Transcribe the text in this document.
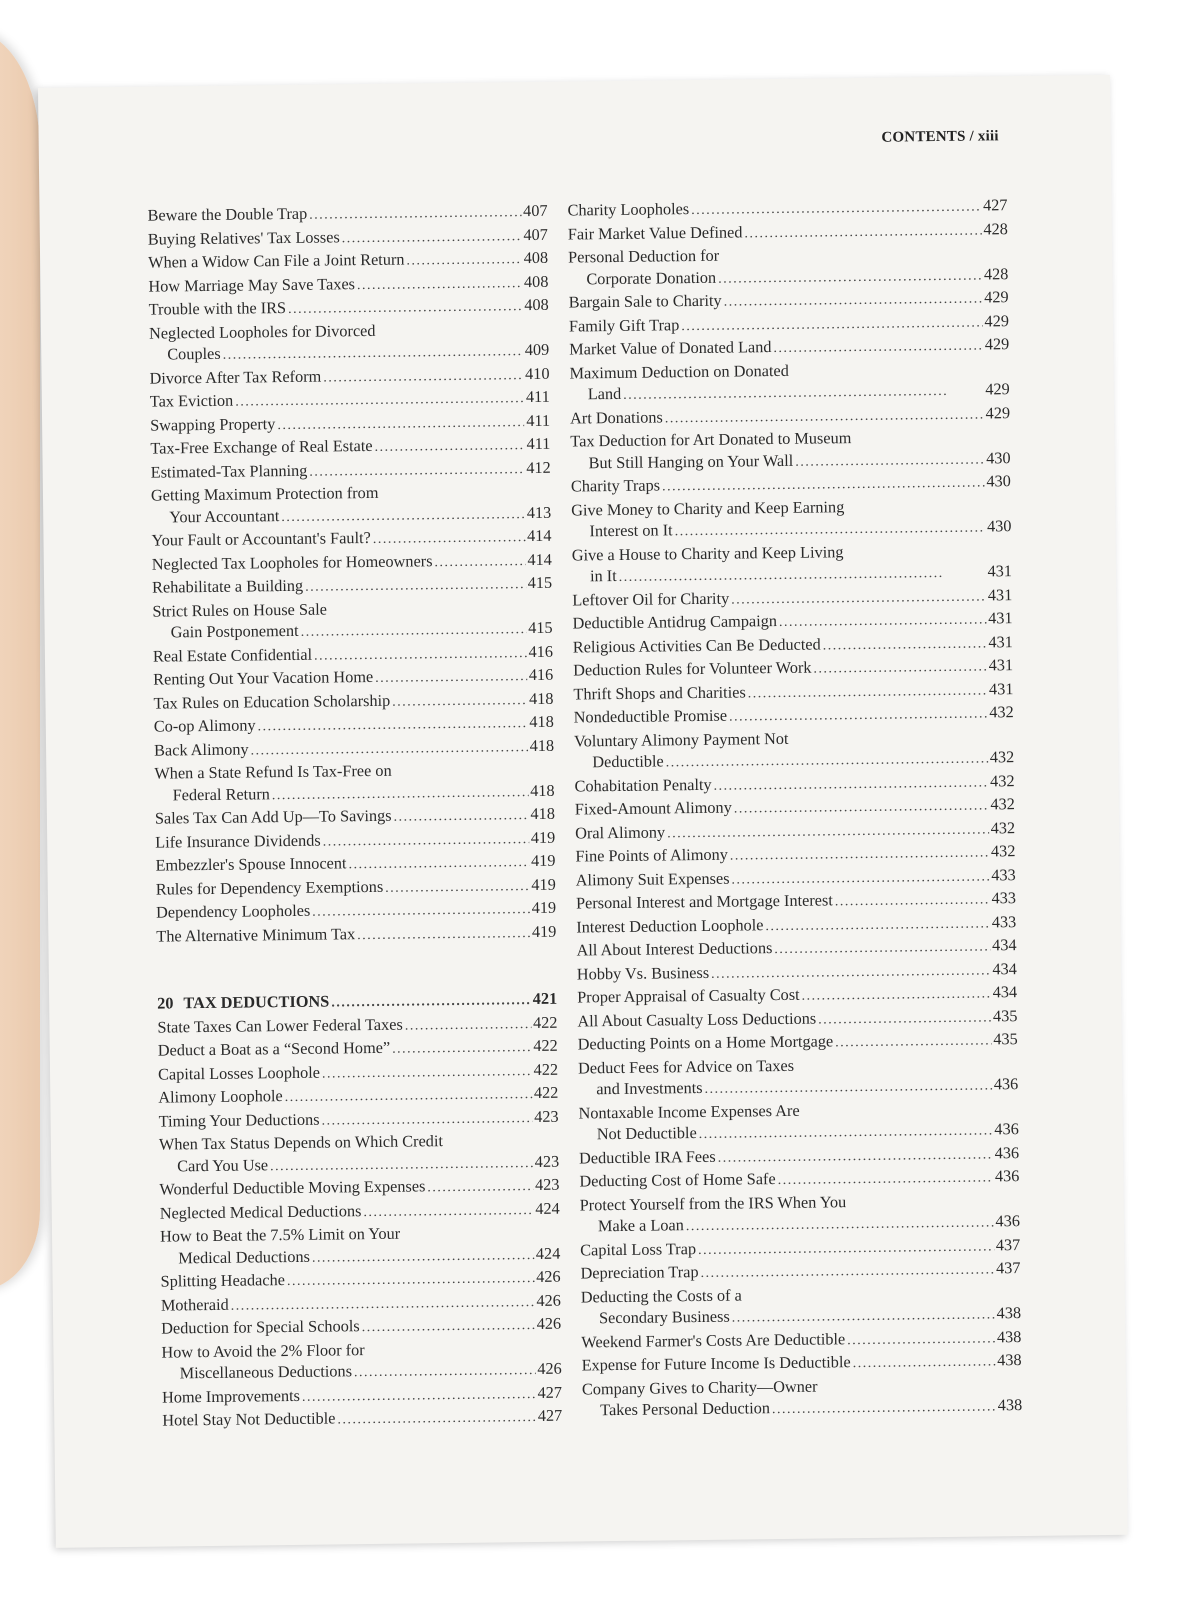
CONTENTS / xiii
Beware the Double Trap . . .	407
Buying Relatives' Tax Losses . . .	407
When a Widow Can File a Joint Return . . .	408
How Marriage May Save Taxes . . .	408
Trouble with the IRS . . .	408
Neglected Loopholes for Divorced
Couples . . .	409
Divorce After Tax Reform . . .	410
Tax Eviction . . .	411
Swapping Property . . .	411
Tax-Free Exchange of Real Estate . . .	411
Estimated-Tax Planning . . .	412
Getting Maximum Protection from
Your Accountant . . .	413
Your Fault or Accountant's Fault? . . .	414
Neglected Tax Loopholes for Homeowners . . .	414
Rehabilitate a Building . . .	415
Strict Rules on House Sale
Gain Postponement . . .	415
Real Estate Confidential . . .	416
Renting Out Your Vacation Home . . .	416
Tax Rules on Education Scholarship . . .	418
Co-op Alimony . . .	418
Back Alimony . . .	418
When a State Refund Is Tax-Free on
Federal Return . . .	418
Sales Tax Can Add Up—To Savings . . .	418
Life Insurance Dividends . . .	419
Embezzler's Spouse Innocent . . .	419
Rules for Dependency Exemptions . . .	419
Dependency Loopholes . . .	419
The Alternative Minimum Tax . . .	419
20 TAX DEDUCTIONS . . .	421
State Taxes Can Lower Federal Taxes . . .	422
Deduct a Boat as a “Second Home” . . .	422
Capital Losses Loophole . . .	422
Alimony Loophole . . .	422
Timing Your Deductions . . .	423
When Tax Status Depends on Which Credit
Card You Use . . .	423
Wonderful Deductible Moving Expenses . . .	423
Neglected Medical Deductions . . .	424
How to Beat the 7.5% Limit on Your
Medical Deductions . . .	424
Splitting Headache . . .	426
Motheraid . . .	426
Deduction for Special Schools . . .	426
How to Avoid the 2% Floor for
Miscellaneous Deductions . . .	426
Home Improvements . . .	427
Hotel Stay Not Deductible . . .	427
Charity Loopholes . . .	427
Fair Market Value Defined . . .	428
Personal Deduction for
Corporate Donation . . .	428
Bargain Sale to Charity . . .	429
Family Gift Trap . . .	429
Market Value of Donated Land . . .	429
Maximum Deduction on Donated
Land . . .	429
Art Donations . . .	429
Tax Deduction for Art Donated to Museum
But Still Hanging on Your Wall . . .	430
Charity Traps . . .	430
Give Money to Charity and Keep Earning
Interest on It . . .	430
Give a House to Charity and Keep Living
in It . . .	431
Leftover Oil for Charity . . .	431
Deductible Antidrug Campaign . . .	431
Religious Activities Can Be Deducted . . .	431
Deduction Rules for Volunteer Work . . .	431
Thrift Shops and Charities . . .	431
Nondeductible Promise . . .	432
Voluntary Alimony Payment Not
Deductible . . .	432
Cohabitation Penalty . . .	432
Fixed-Amount Alimony . . .	432
Oral Alimony . . .	432
Fine Points of Alimony . . .	432
Alimony Suit Expenses . . .	433
Personal Interest and Mortgage Interest . . .	433
Interest Deduction Loophole . . .	433
All About Interest Deductions . . .	434
Hobby Vs. Business . . .	434
Proper Appraisal of Casualty Cost . . .	434
All About Casualty Loss Deductions . . .	435
Deducting Points on a Home Mortgage . . .	435
Deduct Fees for Advice on Taxes
and Investments . . .	436
Nontaxable Income Expenses Are
Not Deductible . . .	436
Deductible IRA Fees . . .	436
Deducting Cost of Home Safe . . .	436
Protect Yourself from the IRS When You
Make a Loan . . .	436
Capital Loss Trap . . .	437
Depreciation Trap . . .	437
Deducting the Costs of a
Secondary Business . . .	438
Weekend Farmer's Costs Are Deductible . . .	438
Expense for Future Income Is Deductible . . .	438
Company Gives to Charity—Owner
Takes Personal Deduction . . .	438
